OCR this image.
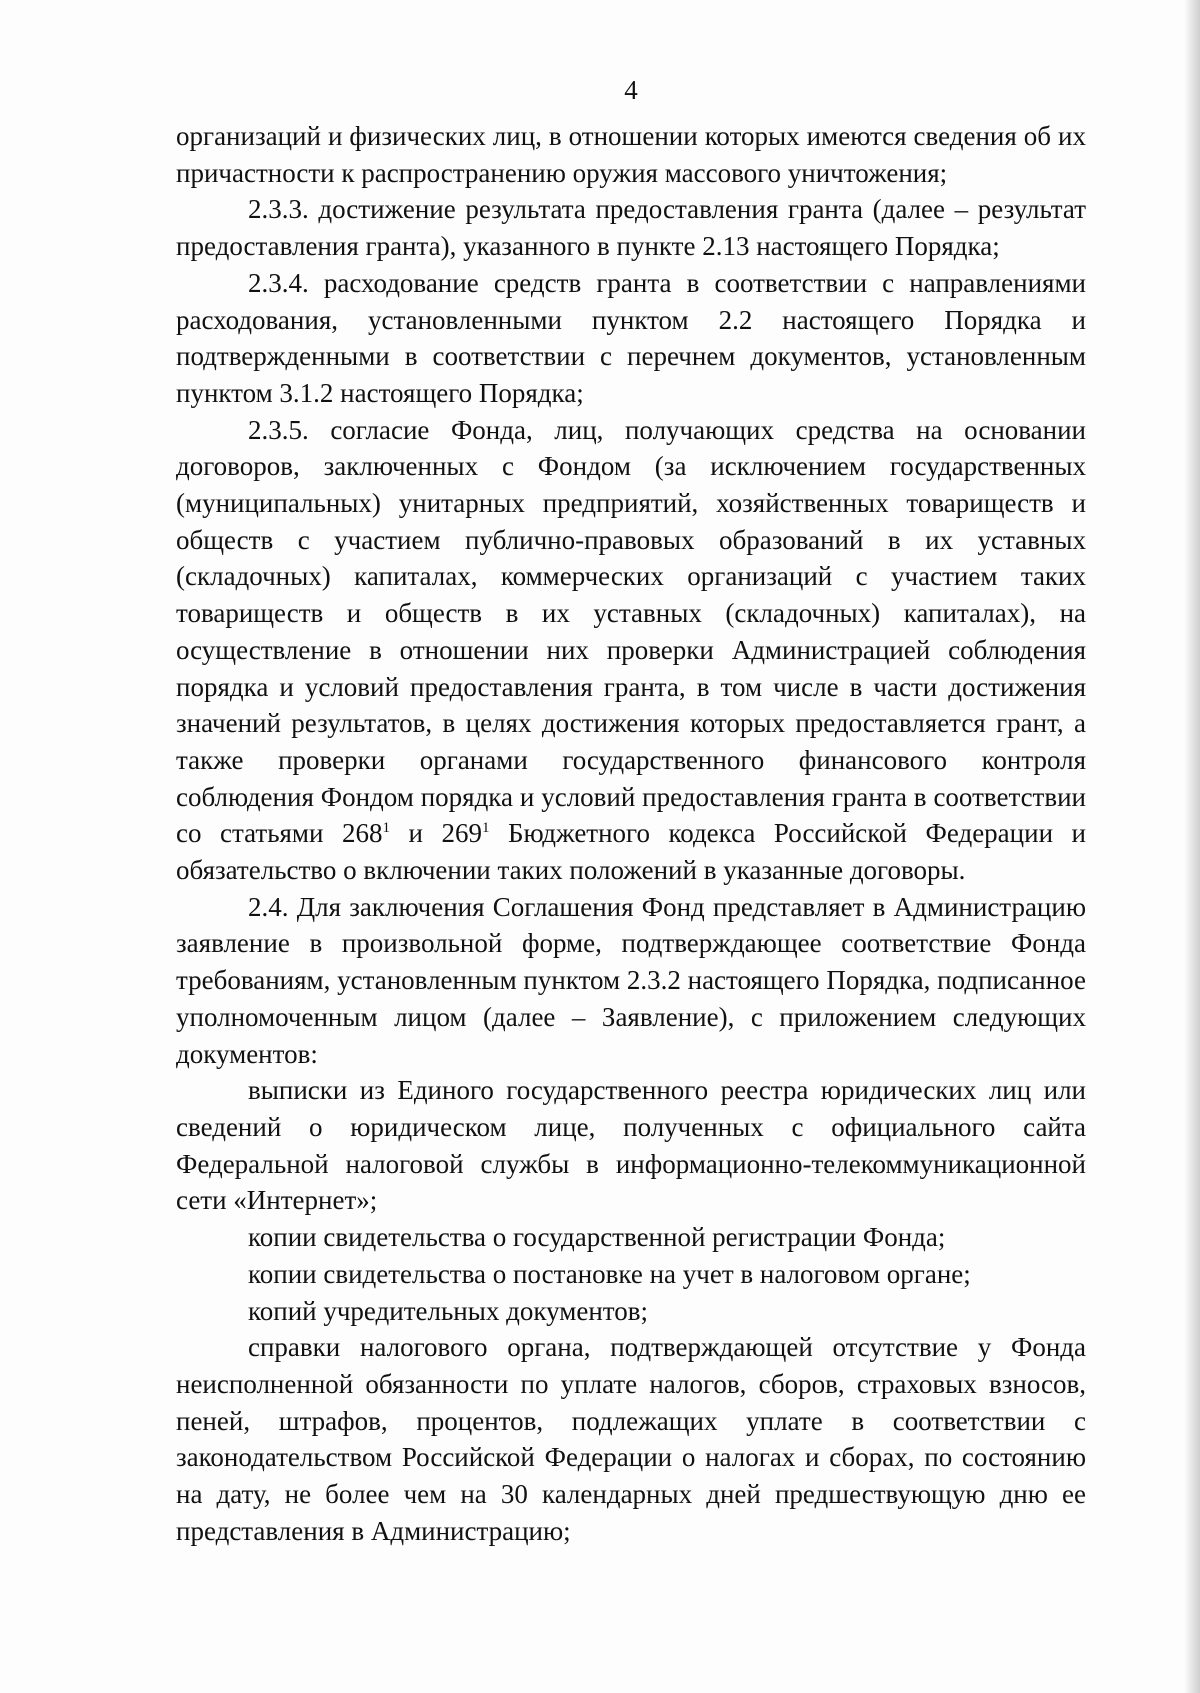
4

организаций и физических лиц, в отношении которых имеются сведения об их причастности к распространению оружия массового уничтожения;

2.3.3. достижение результата предоставления гранта (далее – результат предоставления гранта), указанного в пункте 2.13 настоящего Порядка;

2.3.4. расходование средств гранта в соответствии с направлениями расходования, установленными пунктом 2.2 настоящего Порядка и подтвержденными в соответствии с перечнем документов, установленным пунктом 3.1.2 настоящего Порядка;

2.3.5. согласие Фонда, лиц, получающих средства на основании договоров, заключенных с Фондом (за исключением государственных (муниципальных) унитарных предприятий, хозяйственных товариществ и обществ с участием публично-правовых образований в их уставных (складочных) капиталах, коммерческих организаций с участием таких товариществ и обществ в их уставных (складочных) капиталах), на осуществление в отношении них проверки Администрацией соблюдения порядка и условий предоставления гранта, в том числе в части достижения значений результатов, в целях достижения которых предоставляется грант, а также проверки органами государственного финансового контроля соблюдения Фондом порядка и условий предоставления гранта в соответствии со статьями $268^1$ и $269^1$ Бюджетного кодекса Российской Федерации и обязательство о включении таких положений в указанные договоры.

2.4. Для заключения Соглашения Фонд представляет в Администрацию заявление в произвольной форме, подтверждающее соответствие Фонда требованиям, установленным пунктом 2.3.2 настоящего Порядка, подписанное уполномоченным лицом (далее – Заявление), с приложением следующих документов:

выписки из Единого государственного реестра юридических лиц или сведений о юридическом лице, полученных с официального сайта Федеральной налоговой службы в информационно-телекоммуникационной сети «Интернет»;

копии свидетельства о государственной регистрации Фонда;

копии свидетельства о постановке на учет в налоговом органе;

копий учредительных документов;

справки налогового органа, подтверждающей отсутствие у Фонда неисполненной обязанности по уплате налогов, сборов, страховых взносов, пеней, штрафов, процентов, подлежащих уплате в соответствии с законодательством Российской Федерации о налогах и сборах, по состоянию на дату, не более чем на 30 календарных дней предшествующую дню ее представления в Администрацию;
